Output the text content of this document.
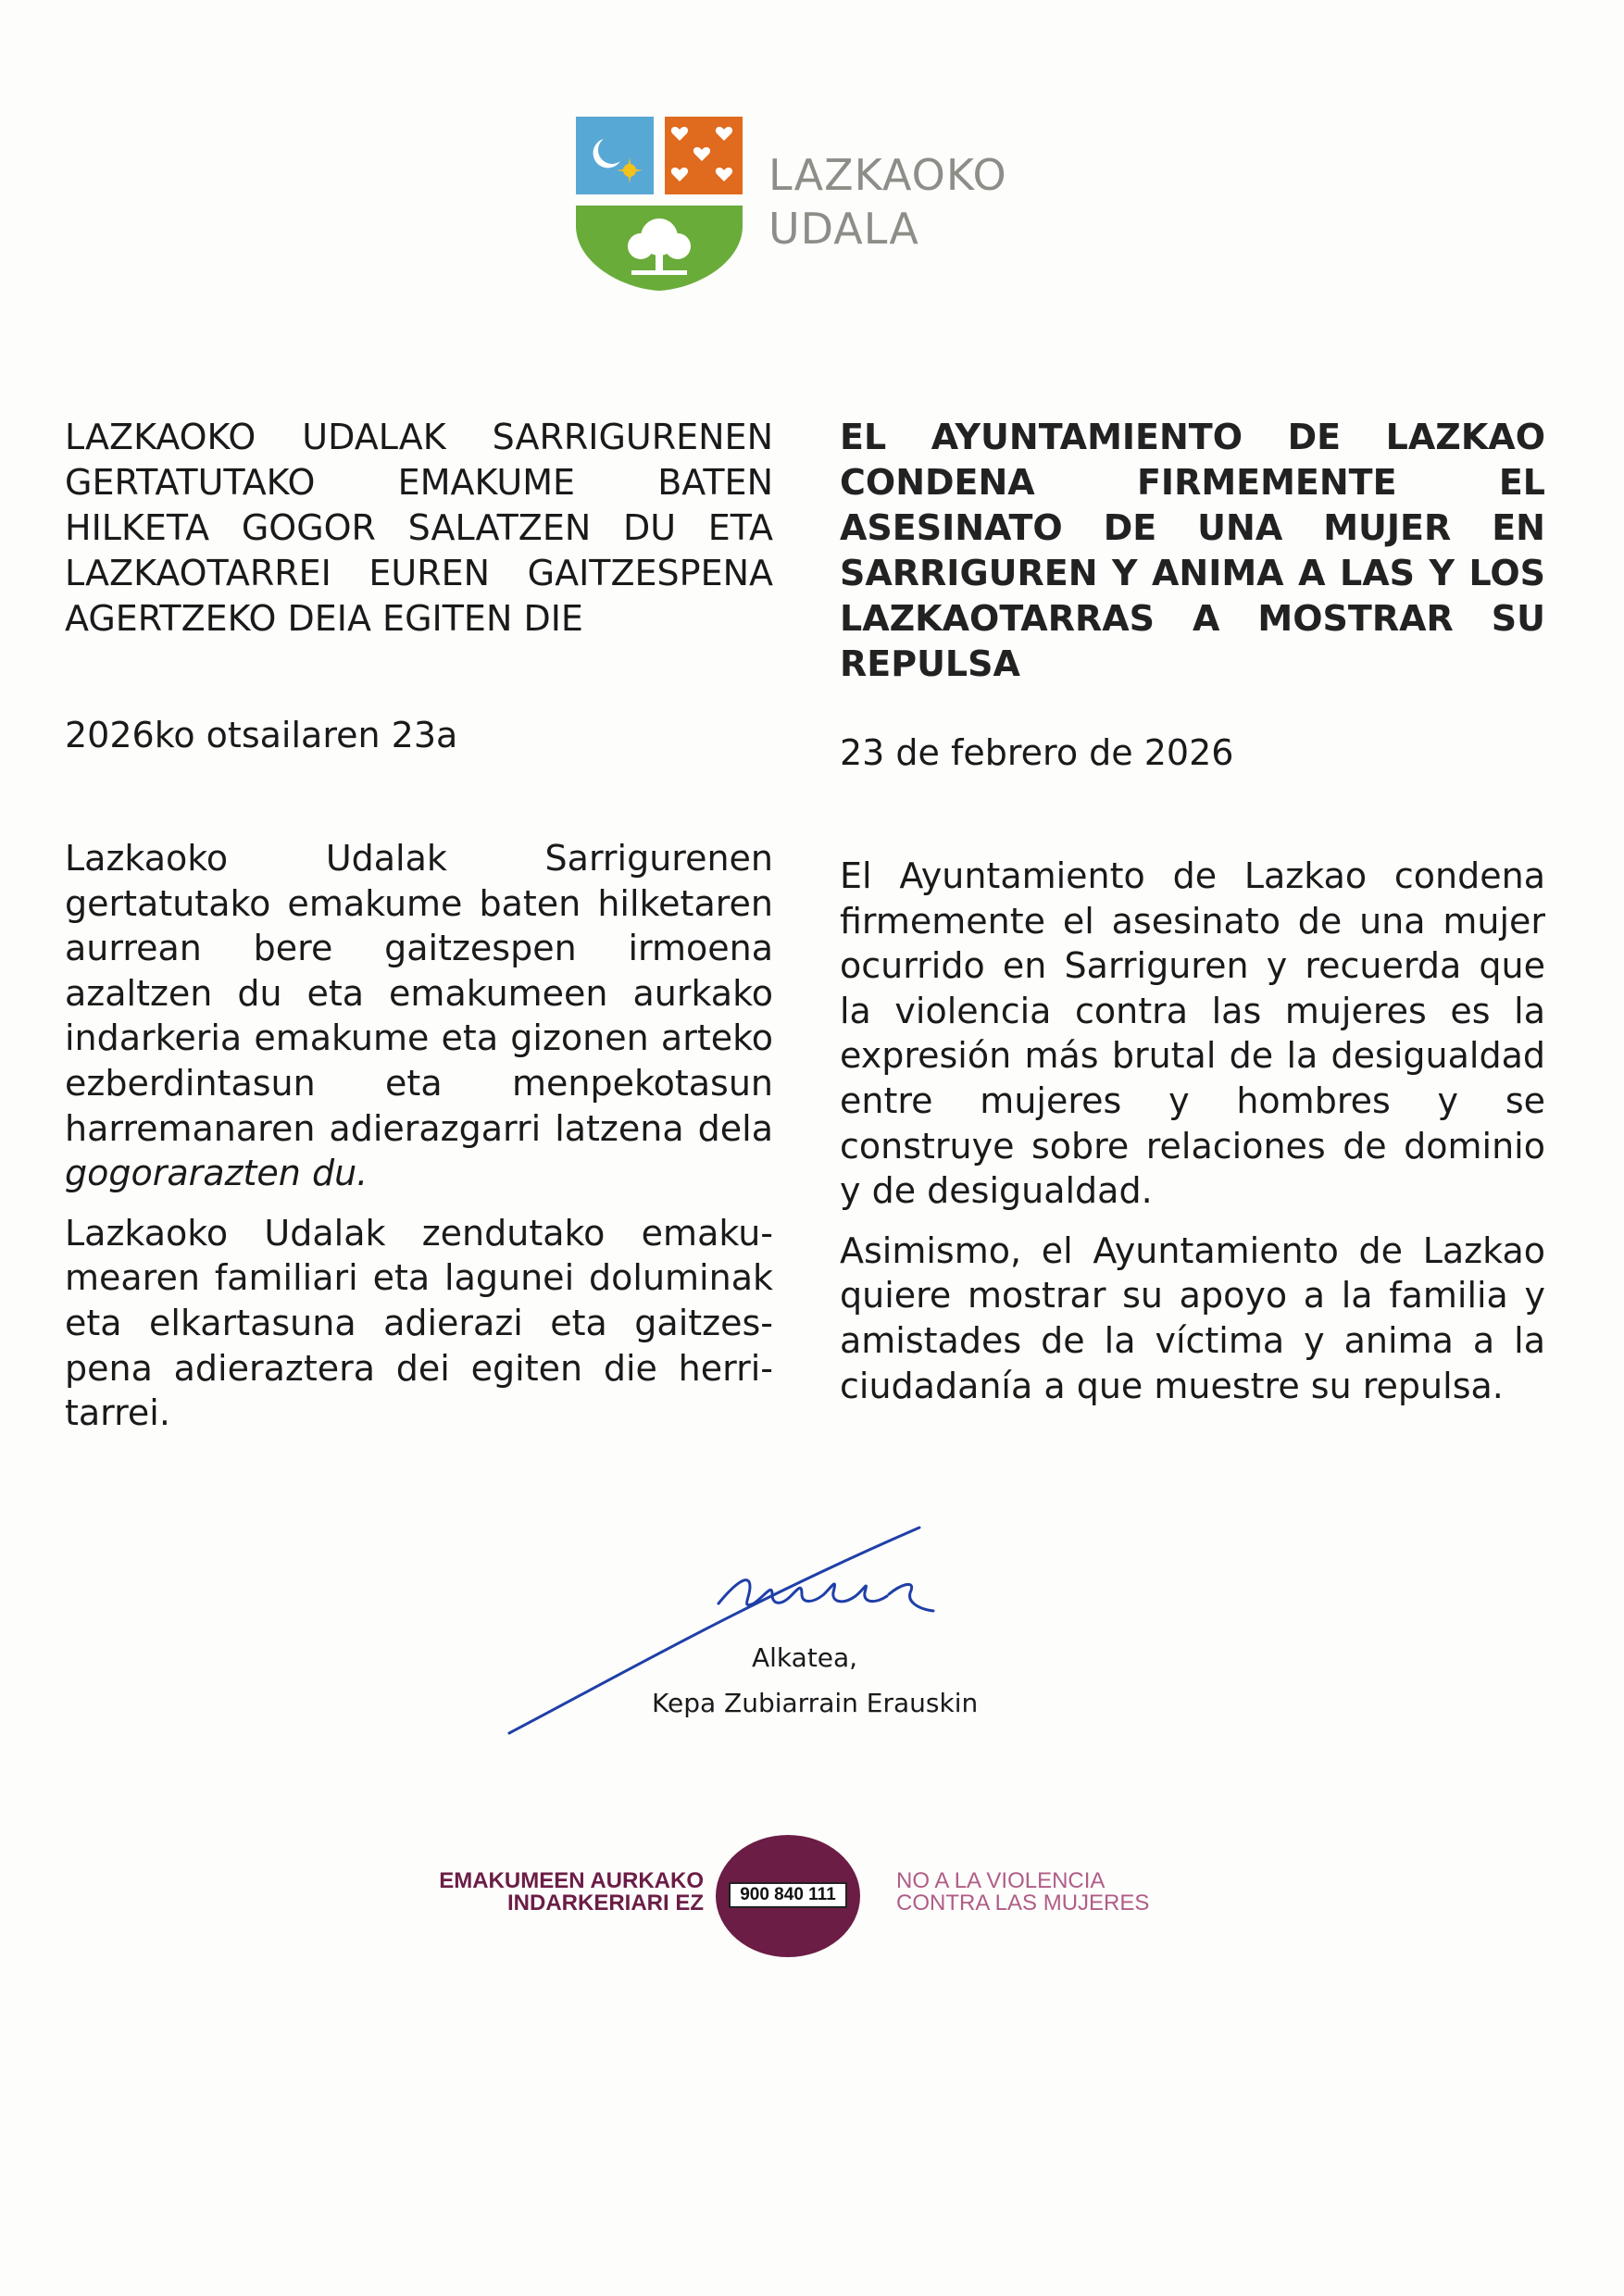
LAZKAOKO
UDALA
LAZKAOKO UDALAK SARRIGURENEN GERTATUTAKO EMAKUME BATEN HILKETA GOGOR SALATZEN DU ETA LAZKAOTARREI EUREN GAITZESPENA AGERTZEKO DEIA EGITEN DIE
2026ko otsailaren 23a

Lazkaoko Udalak Sarrigurenen gertatutako emakume baten hilketaren aurrean bere gaitzespen irmoena azaltzen du eta emakumeen aurkako indarkeria emakume eta gizonen arteko ezberdintasun eta menpekotasun harremanaren adierazgarri latzena dela gogorarazten du.

Lazkaoko Udalak zendutako emakumearen familiari eta lagunei doluminak eta elkartasuna adierazi eta gaitzespena adieraztera dei egiten die herritarrei.

EL AYUNTAMIENTO DE LAZKAO CONDENA FIRMEMENTE EL ASESINATO DE UNA MUJER EN SARRIGUREN Y ANIMA A LAS Y LOS LAZKAOTARRAS A MOSTRAR SU REPULSA
23 de febrero de 2026

El Ayuntamiento de Lazkao condena firmemente el asesinato de una mujer ocurrido en Sarriguren y recuerda que la violencia contra las mujeres es la expresión más brutal de la desigualdad entre mujeres y hombres y se construye sobre relaciones de dominio y de desigualdad.

Asimismo, el Ayuntamiento de Lazkao quiere mostrar su apoyo a la familia y amistades de la víctima y anima a la ciudadanía a que muestre su repulsa.

Alkatea,
Kepa Zubiarrain Erauskin
EMAKUMEEN AURKAKO
INDARKERIARI EZ	900 840 111
NO A LA VIOLENCIA
CONTRA LAS MUJERES
